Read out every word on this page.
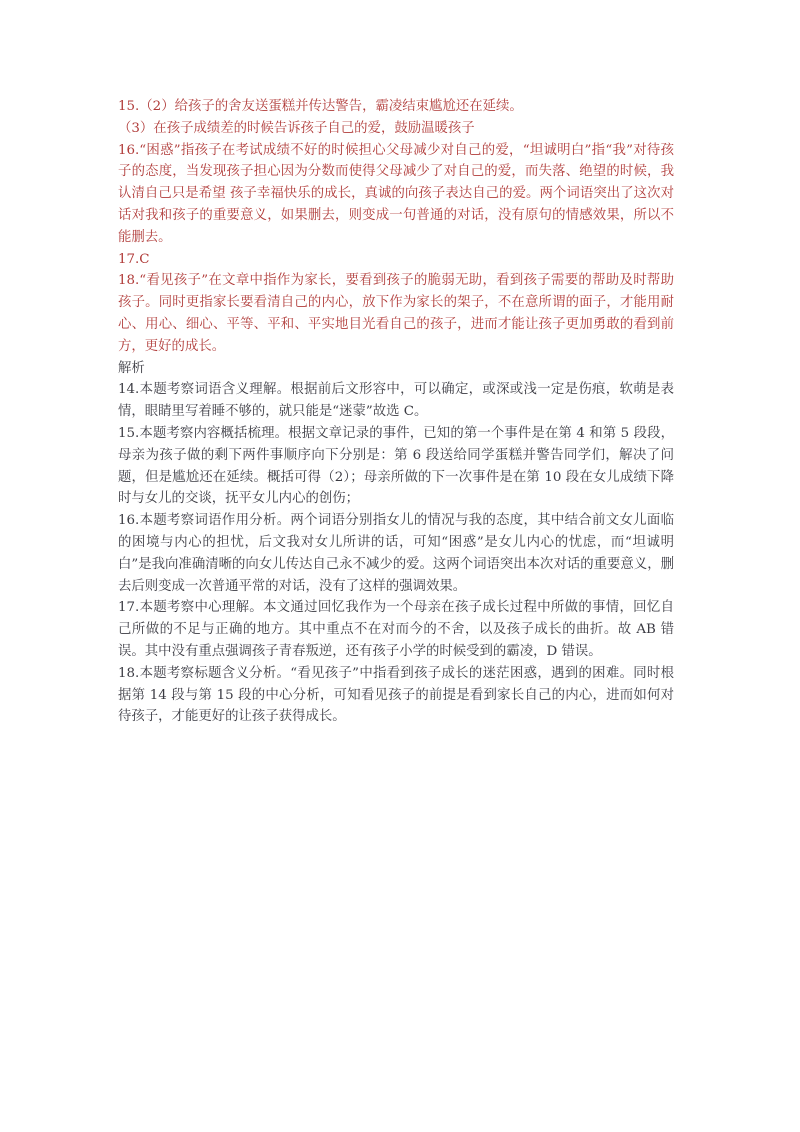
15.（2）给孩子的舍友送蛋糕并传达警告，霸凌结束尴尬还在延续。

（3）在孩子成绩差的时候告诉孩子自己的爱，鼓励温暖孩子

16.“困惑”指孩子在考试成绩不好的时候担心父母减少对自己的爱，“坦诚明白”指“我”对待孩子的态度，当发现孩子担心因为分数而使得父母减少了对自己的爱，而失落、绝望的时候，我认清自己只是希望 孩子幸福快乐的成长，真诚的向孩子表达自己的爱。两个词语突出了这次对话对我和孩子的重要意义，如果删去，则变成一句普通的对话，没有原句的情感效果，所以不能删去。

17.C

18.“看见孩子”在文章中指作为家长，要看到孩子的脆弱无助，看到孩子需要的帮助及时帮助孩子。同时更指家长要看清自己的内心，放下作为家长的架子，不在意所谓的面子，才能用耐心、用心、细心、平等、平和、平实地目光看自己的孩子，进而才能让孩子更加勇敢的看到前方，更好的成长。

解析

14.本题考察词语含义理解。根据前后文形容中，可以确定，或深或浅一定是伤痕，软萌是表情，眼睛里写着睡不够的，就只能是“迷蒙”故选 C。

15.本题考察内容概括梳理。根据文章记录的事件，已知的第一个事件是在第 4 和第 5 段段，母亲为孩子做的剩下两件事顺序向下分别是：第 6 段送给同学蛋糕并警告同学们，解决了问题，但是尴尬还在延续。概括可得（2）；母亲所做的下一次事件是在第 10 段在女儿成绩下降时与女儿的交谈，抚平女儿内心的创伤；

16.本题考察词语作用分析。两个词语分别指女儿的情况与我的态度，其中结合前文女儿面临的困境与内心的担忧，后文我对女儿所讲的话，可知“困惑”是女儿内心的忧虑，而“坦诚明白”是我向准确清晰的向女儿传达自己永不减少的爱。这两个词语突出本次对话的重要意义，删去后则变成一次普通平常的对话，没有了这样的强调效果。

17.本题考察中心理解。本文通过回忆我作为一个母亲在孩子成长过程中所做的事情，回忆自己所做的不足与正确的地方。其中重点不在对而今的不舍，以及孩子成长的曲折。故 AB 错误。其中没有重点强调孩子青春叛逆，还有孩子小学的时候受到的霸凌，D 错误。

18.本题考察标题含义分析。“看见孩子”中指看到孩子成长的迷茫困惑，遇到的困难。同时根据第 14 段与第 15 段的中心分析，可知看见孩子的前提是看到家长自己的内心，进而如何对待孩子，才能更好的让孩子获得成长。
